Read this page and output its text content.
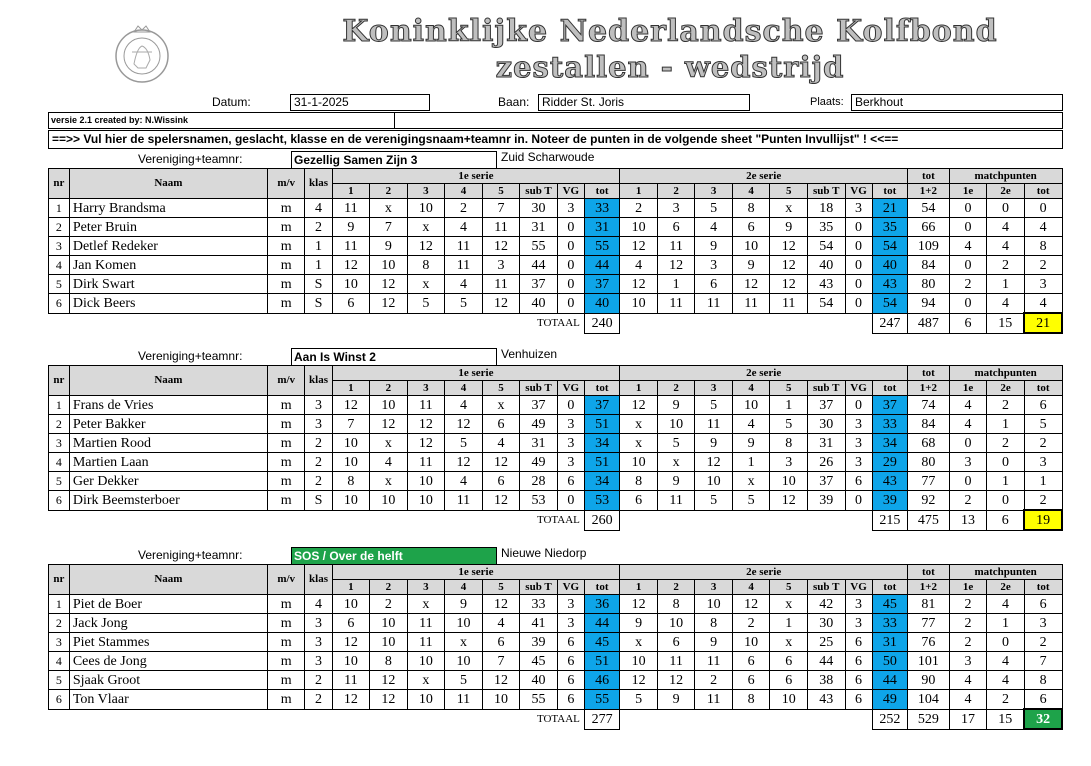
Koninklijke Nederlandsche Kolfbond
zestallen - wedstrijd
Datum:	31-1-2025	Baan:	Ridder St. Joris	Plaats: Berkhout
versie 2.1 created by: N.Wissink
==>> Vul hier de spelersnamen, geslacht, klasse en de verenigingsnaam+teamnr in. Noteer de punten in de volgende sheet "Punten Invullijst" ! <<==
Vereniging+teamnr:	Gezellig Samen Zijn 3	Zuid Scharwoude
nr	Naam	m/v	klas	1e serie								2e serie								tot	matchpunten		
				1	2	3	4	5	sub T	VG	tot	1	2	3	4	5	sub T	VG	tot	1+2	1e	2e	tot
1	Harry Brandsma	m	4	11	x	10	2	7	30	3	33	2	3	5	8	x	18	3	21	54	0	0	0
2	Peter Bruin	m	2	9	7	x	4	11	31	0	31	10	6	4	6	9	35	0	35	66	0	4	4
3	Detlef Redeker	m	1	11	9	12	11	12	55	0	55	12	11	9	10	12	54	0	54	109	4	4	8
4	Jan Komen	m	1	12	10	8	11	3	44	0	44	4	12	3	9	12	40	0	40	84	0	2	2
5	Dirk Swart	m	S	10	12	x	4	11	37	0	37	12	1	6	12	12	43	0	43	80	2	1	3
6	Dick Beers	m	S	6	12	5	5	12	40	0	40	10	11	11	11	11	54	0	54	94	0	4	4
									TOTAAL		240								247	487	6	15	21
Vereniging+teamnr:	Aan Is Winst 2	Venhuizen
nr	Naam	m/v	klas	1e serie								2e serie								tot	matchpunten		
				1	2	3	4	5	sub T	VG	tot	1	2	3	4	5	sub T	VG	tot	1+2	1e	2e	tot
1	Frans de Vries	m	3	12	10	11	4	x	37	0	37	12	9	5	10	1	37	0	37	74	4	2	6
2	Peter Bakker	m	3	7	12	12	12	6	49	3	51	x	10	11	4	5	30	3	33	84	4	1	5
3	Martien Rood	m	2	10	x	12	5	4	31	3	34	x	5	9	9	8	31	3	34	68	0	2	2
4	Martien Laan	m	2	10	4	11	12	12	49	3	51	10	x	12	1	3	26	3	29	80	3	0	3
5	Ger Dekker	m	2	8	x	10	4	6	28	6	34	8	9	10	x	10	37	6	43	77	0	1	1
6	Dirk Beemsterboer	m	S	10	10	10	11	12	53	0	53	6	11	5	5	12	39	0	39	92	2	0	2
									TOTAAL		260								215	475	13	6	19
Vereniging+teamnr:	SOS / Over de helft	Nieuwe Niedorp
nr	Naam	m/v	klas	1e serie								2e serie								tot	matchpunten		
				1	2	3	4	5	sub T	VG	tot	1	2	3	4	5	sub T	VG	tot	1+2	1e	2e	tot
1	Piet de Boer	m	4	10	2	x	9	12	33	3	36	12	8	10	12	x	42	3	45	81	2	4	6
2	Jack Jong	m	3	6	10	11	10	4	41	3	44	9	10	8	2	1	30	3	33	77	2	1	3
3	Piet Stammes	m	3	12	10	11	x	6	39	6	45	x	6	9	10	x	25	6	31	76	2	0	2
4	Cees de Jong	m	3	10	8	10	10	7	45	6	51	10	11	11	6	6	44	6	50	101	3	4	7
5	Sjaak Groot	m	2	11	12	x	5	12	40	6	46	12	12	2	6	6	38	6	44	90	4	4	8
6	Ton Vlaar	m	2	12	12	10	11	10	55	6	55	5	9	11	8	10	43	6	49	104	4	2	6
									TOTAAL		277								252	529	17	15	32
